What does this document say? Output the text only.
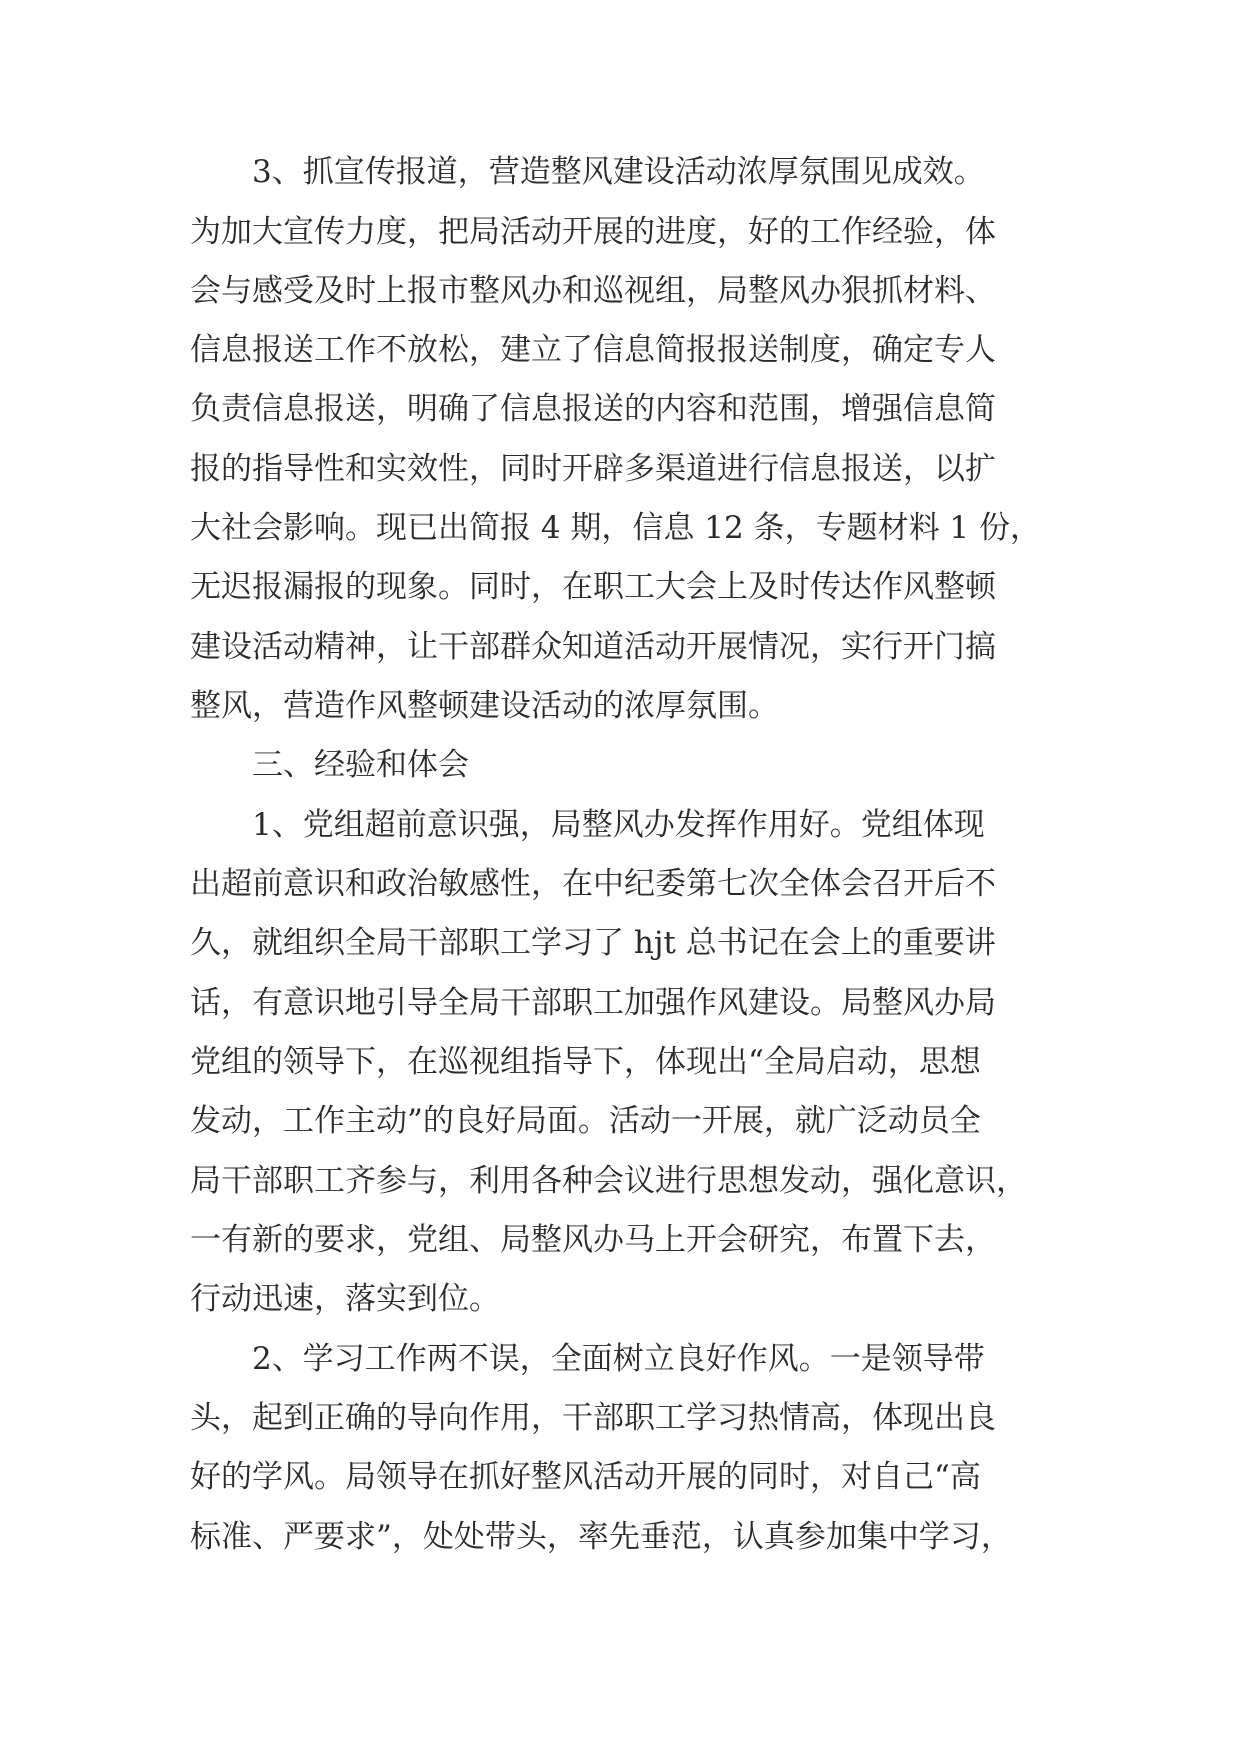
3、抓宣传报道，营造整风建设活动浓厚氛围见成效。
为加大宣传力度，把局活动开展的进度，好的工作经验，体
会与感受及时上报市整风办和巡视组，局整风办狠抓材料、
信息报送工作不放松，建立了信息简报报送制度，确定专人
负责信息报送，明确了信息报送的内容和范围，增强信息简
报的指导性和实效性，同时开辟多渠道进行信息报送，以扩
大社会影响。现已出简报 4 期，信息 12 条，专题材料 1 份，
无迟报漏报的现象。同时，在职工大会上及时传达作风整顿
建设活动精神，让干部群众知道活动开展情况，实行开门搞
整风，营造作风整顿建设活动的浓厚氛围。
三、经验和体会
1、党组超前意识强，局整风办发挥作用好。党组体现
出超前意识和政治敏感性，在中纪委第七次全体会召开后不
久，就组织全局干部职工学习了 hjt 总书记在会上的重要讲
话，有意识地引导全局干部职工加强作风建设。局整风办局
党组的领导下，在巡视组指导下，体现出“全局启动，思想
发动，工作主动”的良好局面。活动一开展，就广泛动员全
局干部职工齐参与，利用各种会议进行思想发动，强化意识，
一有新的要求，党组、局整风办马上开会研究，布置下去，
行动迅速，落实到位。
2、学习工作两不误，全面树立良好作风。一是领导带
头，起到正确的导向作用，干部职工学习热情高，体现出良
好的学风。局领导在抓好整风活动开展的同时，对自己“高
标准、严要求”，处处带头，率先垂范，认真参加集中学习，
